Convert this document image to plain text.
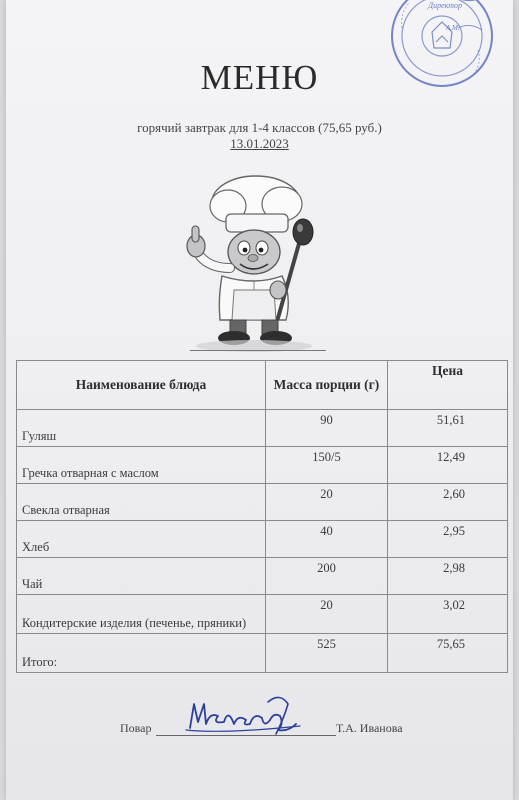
Директор
А.М.
МЕНЮ
горячий завтрак для 1-4 классов (75,65 руб.)
13.01.2023
Наименование блюда	Масса порции (г)	Цена
Гуляш	90	51,61
Гречка отварная с маслом	150/5	12,49
Свекла отварная	20	2,60
Хлеб	40	2,95
Чай	200	2,98
Кондитерские изделия (печенье, пряники)	20	3,02
Итого:	525	75,65
Повар	Т.А. Иванова
